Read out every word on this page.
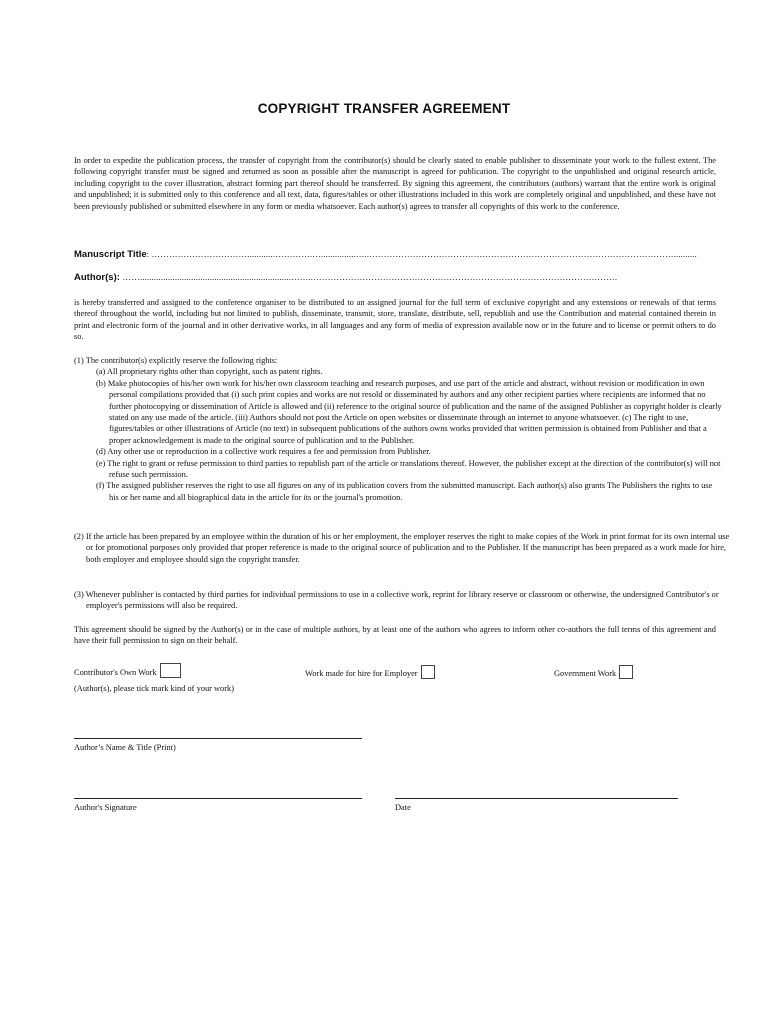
COPYRIGHT TRANSFER AGREEMENT
In order to expedite the publication process, the transfer of copyright from the contributor(s) should be clearly stated to enable publisher to disseminate your work to the fullest extent. The following copyright transfer must be signed and returned as soon as possible after the manuscript is agreed for publication. The copyright to the unpublished and original research article, including copyright to the cover illustration, abstract forming part thereof should be transferred. By signing this agreement, the contributors (authors) warrant that the entire work is original and unpublished; it is submitted only to this conference and all text, data, figures/tables or other illustrations included in this work are completely original and unpublished, and these have not been previously published or submitted elsewhere in any form or media whatsoever. Each author(s) agrees to transfer all copyrights of this work to the conference.
Manuscript Title: ……………………………............………….…...............…..……………………………………………………………………………………………..........
Author(s): …….................................................................……..……………………………………………………………………………………………
is hereby transferred and assigned to the conference organiser to be distributed to an assigned journal for the full term of exclusive copyright and any extensions or renewals of that terms thereof throughout the world, including but not limited to publish, disseminate, transmit, store, translate, distribute, sell, republish and use the Contribution and material contained therein in print and electronic form of the journal and in other derivative works, in all languages and any form of media of expression available now or in the future and to license or permit others to do so.
(1) The contributor(s) explicitly reserve the following rights:
(a) All proprietary rights other than copyright, such as patent rights.
(b) Make photocopies of his/her own work for his/her own classroom teaching and research purposes, and use part of the article and abstract, without revision or modification in own personal compilations provided that (i) such print copies and works are not resold or disseminated by authors and any other recipient parties where recipients are informed that no further photocopying or dissemination of Article is allowed and (ii) reference to the original source of publication and the name of the assigned Publisher as copyright holder is clearly stated on any use made of the article. (iii) Authors should not post the Article on open websites or disseminate through an internet to anyone whatsoever. (c) The right to use, figures/tables or other illustrations of Article (no text) in subsequent publications of the authors owns works provided that written permission is obtained from Publisher and that a proper acknowledgement is made to the original source of publication and to the Publisher.
(d) Any other use or reproduction in a collective work requires a fee and permission from Publisher.
(e) The right to grant or refuse permission to third parties to republish part of the article or translations thereof. However, the publisher except at the direction of the contributor(s) will not refuse such permission.
(f) The assigned publisher reserves the right to use all figures on any of its publication covers from the submitted manuscript. Each author(s) also grants The Publishers the rights to use his or her name and all biographical data in the article for its or the journal's promotion.
(2) If the article has been prepared by an employee within the duration of his or her employment, the employer reserves the right to make copies of the Work in print format for its own internal use or for promotional purposes only provided that proper reference is made to the original source of publication and to the Publisher. If the manuscript has been prepared as a work made for hire, both employer and employee should sign the copyright transfer.
(3) Whenever publisher is contacted by third parties for individual permissions to use in a collective work, reprint for library reserve or classroom or otherwise, the undersigned Contributor's or employer's permissions will also be required.
This agreement should be signed by the Author(s) or in the case of multiple authors, by at least one of the authors who agrees to inform other co-authors the full terms of this agreement and have their full permission to sign on their behalf.
Contributor's Own Work	Work made for hire for Employer	Government Work
(Author(s), please tick mark kind of your work)
Author’s Name & Title (Print)
Author's Signature	Date
